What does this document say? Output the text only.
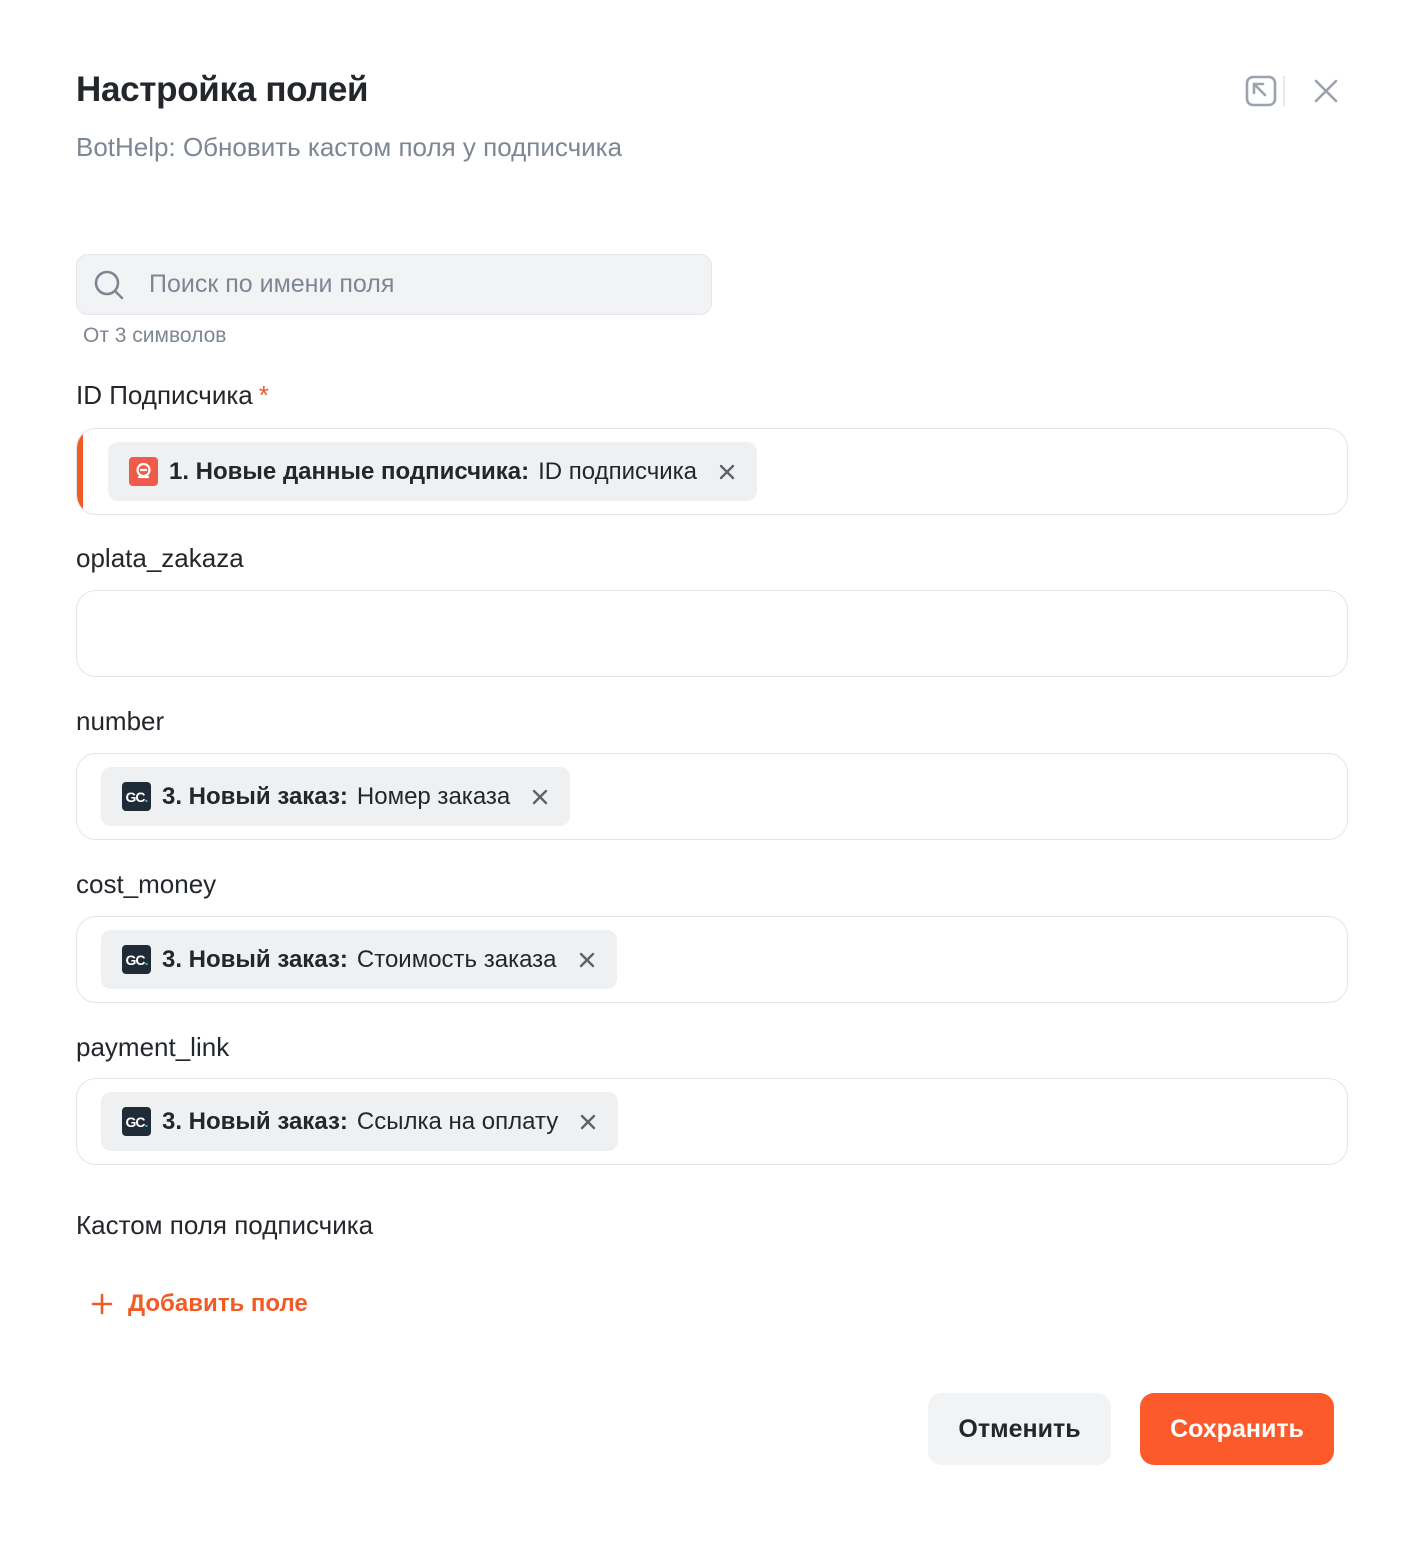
Настройка полей
BotHelp: Обновить кастом поля у подписчика
Поиск по имени поля
От 3 символов
ID Подписчика *
1. Новые данные подписчика: ID подписчика
oplata_zakaza
number
GC . 3. Новый заказ: Номер заказа
cost_money
GC . 3. Новый заказ: Стоимость заказа
payment_link
GC . 3. Новый заказ: Ссылка на оплату
Кастом поля подписчика
Добавить поле
Отменить	Сохранить
